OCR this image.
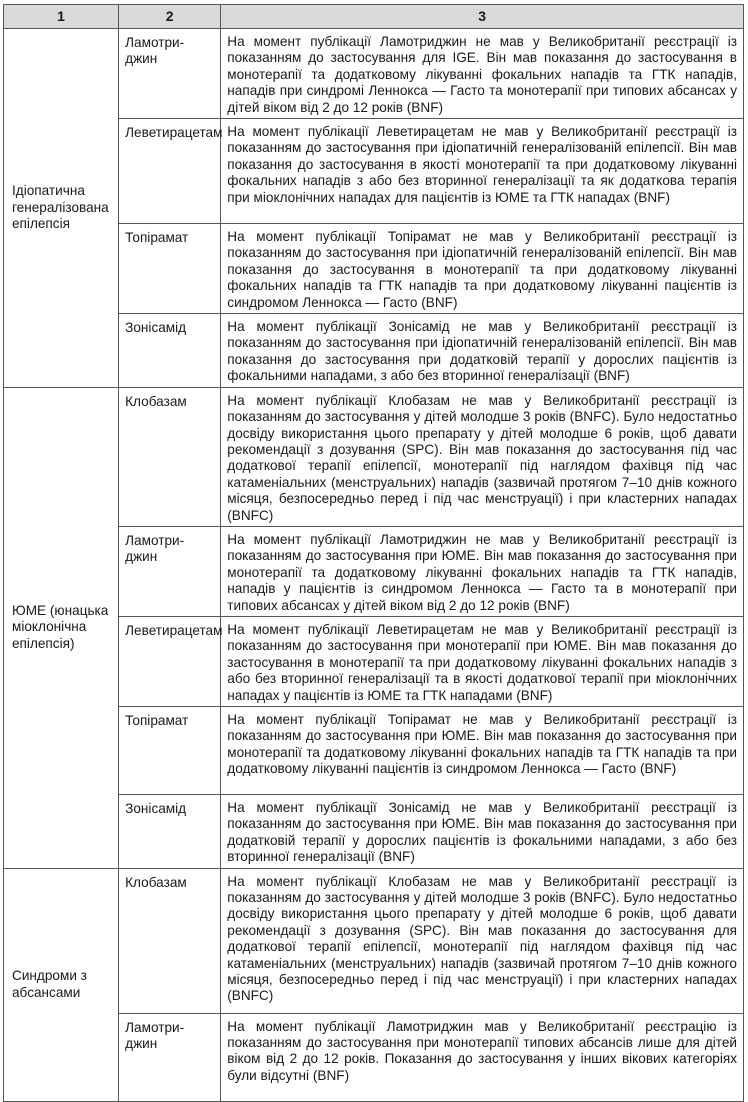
1	2	3
Ідіопатична генералізована епілепсія	Ламотри-джин	На момент публікації Ламотриджин не мав у Великобританії реєстрації із показанням до застосування для IGE. Він мав показання до застосування в монотерапії та додатковому лікуванні фокальних нападів та ГТК нападів, нападів при синдромі Леннокса — Гасто та монотерапії при типових абсансах у дітей віком від 2 до 12 років (BNF)
	Леветирацетам	На момент публікації Леветирацетам не мав у Великобританії реєстрації із показанням до застосування при ідіопатичній генералізованій епілепсії. Він мав показання до застосування в якості монотерапії та при додатковому лікуванні фокальних нападів з або без вторинної генералізації та як додаткова терапія при міоклонічних нападах для пацієнтів із ЮМЕ та ГТК нападах (BNF)
	Топірамат	На момент публікації Топірамат не мав у Великобританії реєстрації із показанням до застосування при ідіопатичній генералізованій епілепсії. Він мав показання до застосування в монотерапії та при додатковому лікуванні фокальних нападів та ГТК нападів та при додатковому лікуванні пацієнтів із синдромом Леннокса — Гасто (BNF)
	Зонісамід	На момент публікації Зонісамід не мав у Великобританії реєстрації із показанням до застосування при ідіопатичній генералізованій епілепсії. Він мав показання до застосування при додатковій терапії у дорослих пацієнтів із фокальними нападами, з або без вторинної генералізації (BNF)
ЮМЕ (юнацька міоклонічна епілепсія)	Клобазам	На момент публікації Клобазам не мав у Великобританії реєстрації із показанням до застосування у дітей молодше 3 років (BNFC). Було недостатньо досвіду використання цього препарату у дітей молодше 6 років, щоб давати рекомендації з дозування (SPC). Він мав показання до застосування під час додаткової терапії епілепсії, монотерапії під наглядом фахівця під час катаменіальних (менструальних) нападів (зазвичай протягом 7–10 днів кожного місяця, безпосередньо перед і під час менструації) і при кластерних нападах (BNFC)
	Ламотри-джин	На момент публікації Ламотриджин не мав у Великобританії реєстрації із показанням до застосування при ЮМЕ. Він мав показання до застосування при монотерапії та додатковому лікуванні фокальних нападів та ГТК нападів, нападів у пацієнтів із синдромом Леннокса — Гасто та в монотерапії при типових абсансах у дітей віком від 2 до 12 років (BNF)
	Леветирацетам	На момент публікації Леветирацетам не мав у Великобританії реєстрації із показанням до застосування при монотерапії при ЮМЕ. Він мав показання до застосування в монотерапії та при додатковому лікуванні фокальних нападів з або без вторинної генералізації та в якості додаткової терапії при міоклонічних нападах у пацієнтів із ЮМЕ та ГТК нападами (BNF)
	Топірамат	На момент публікації Топірамат не мав у Великобританії реєстрації із показанням до застосування при ЮМЕ. Він мав показання до застосування при монотерапії та додатковому лікуванні фокальних нападів та ГТК нападів та при додатковому лікуванні пацієнтів із синдромом Леннокса — Гасто (BNF)
	Зонісамід	На момент публікації Зонісамід не мав у Великобританії реєстрації із показанням до застосування при ЮМЕ. Він мав показання до застосування при додатковій терапії у дорослих пацієнтів із фокальними нападами, з або без вторинної генералізації (BNF)
Синдроми з абсансами	Клобазам	На момент публікації Клобазам не мав у Великобританії реєстрації із показанням до застосування у дітей молодше 3 років (BNFC). Було недостатньо досвіду використання цього препарату у дітей молодше 6 років, щоб давати рекомендації з дозування (SPC). Він мав показання до застосування для додаткової терапії епілепсії, монотерапії під наглядом фахівця під час катаменіальних (менструальних) нападів (зазвичай протягом 7–10 днів кожного місяця, безпосередньо перед і під час менструації) і при кластерних нападах (BNFC)
	Ламотри-джин	На момент публікації Ламотриджин мав у Великобританії реєстрацію із показанням до застосування при монотерапії типових абсансів лише для дітей віком від 2 до 12 років. Показання до застосування у інших вікових категоріях були відсутні (BNF)
